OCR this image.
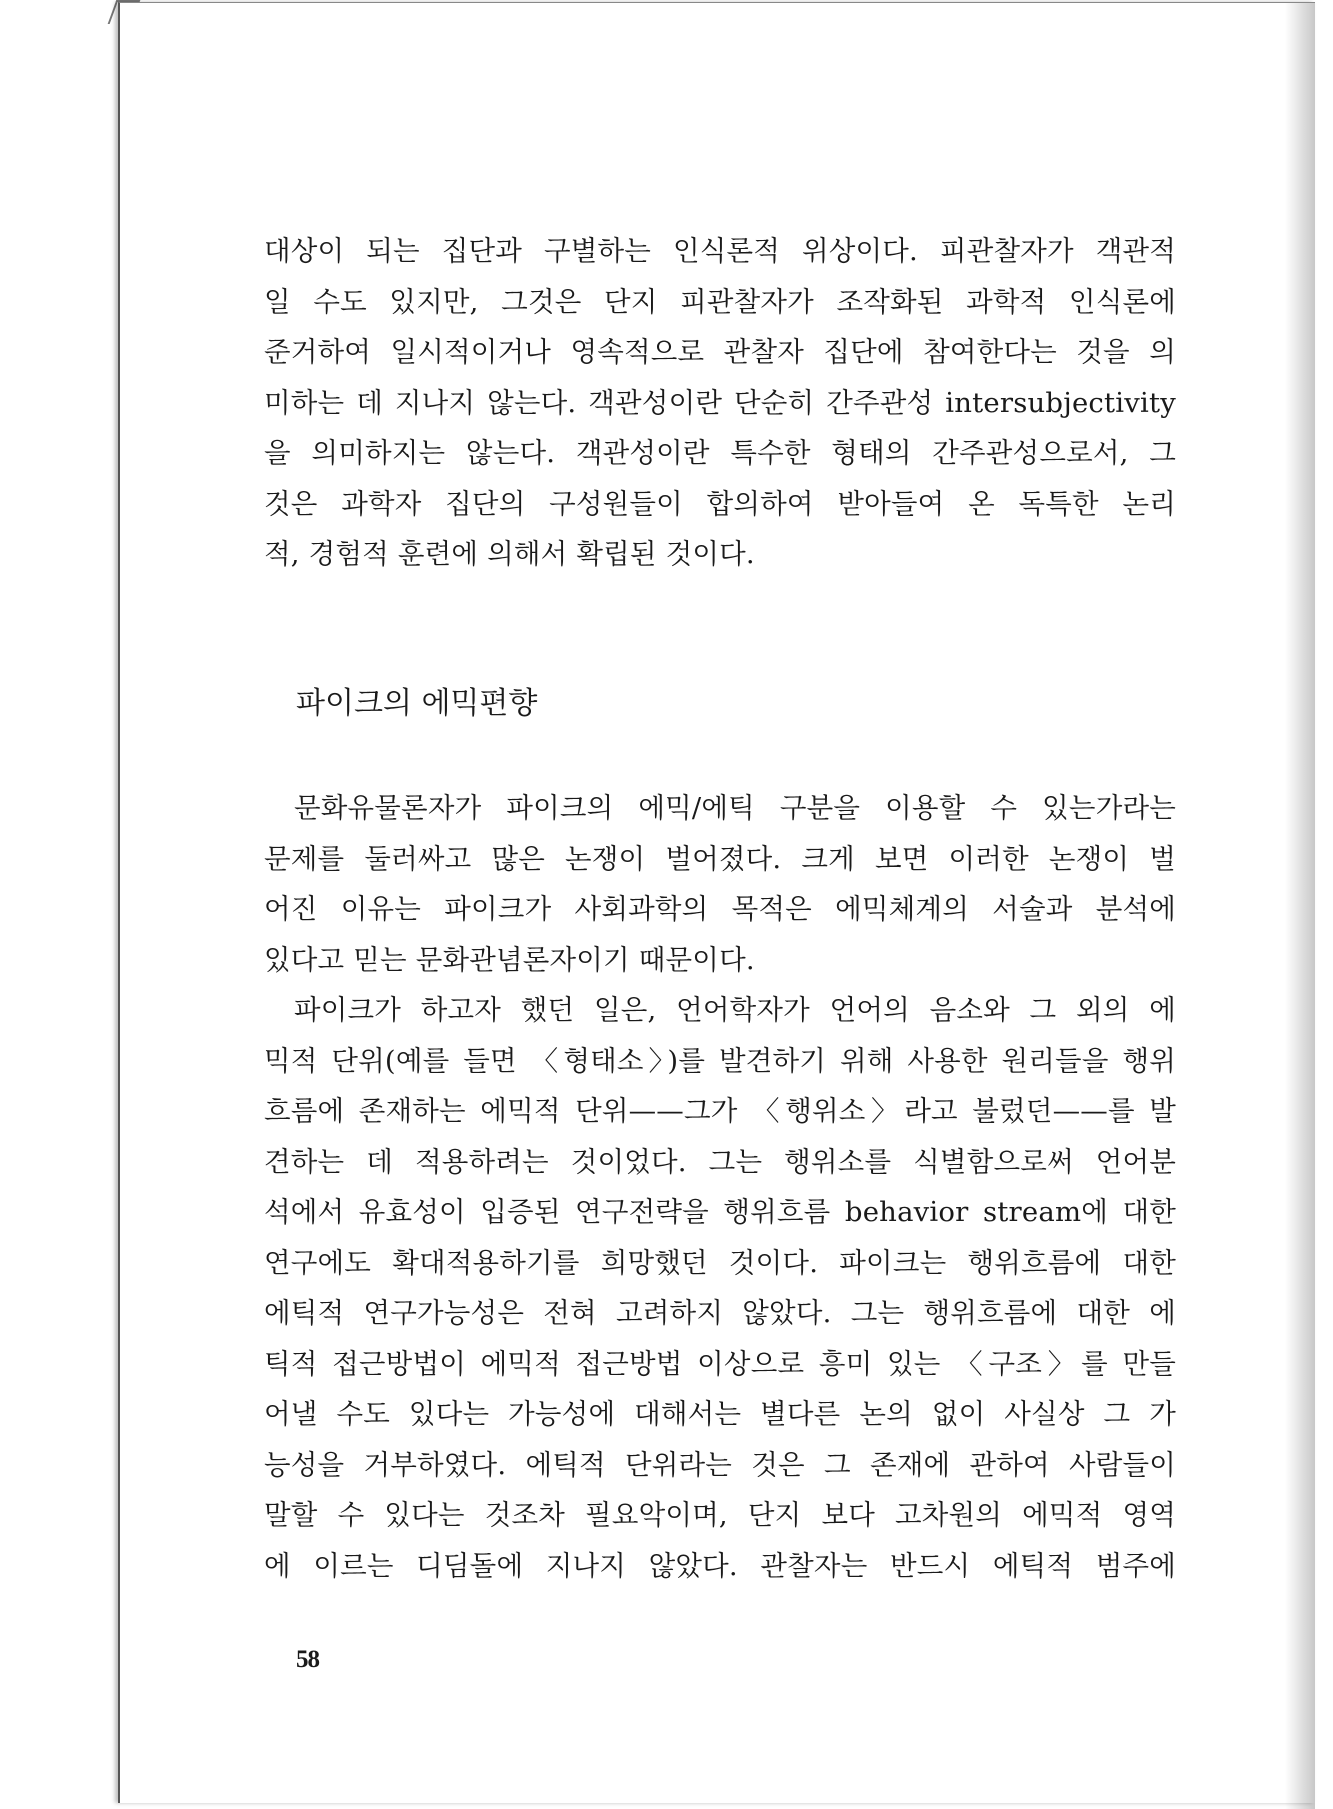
대상이 되는 집단과 구별하는 인식론적 위상이다. 피관찰자가 객관적
일 수도 있지만, 그것은 단지 피관찰자가 조작화된 과학적 인식론에
준거하여 일시적이거나 영속적으로 관찰자 집단에 참여한다는 것을 의
미하는 데 지나지 않는다. 객관성이란 단순히 간주관성 intersubjectivity
을 의미하지는 않는다. 객관성이란 특수한 형태의 간주관성으로서, 그
것은 과학자 집단의 구성원들이 합의하여 받아들여 온 독특한 논리
적, 경험적 훈련에 의해서 확립된 것이다.
파이크의 에믹편향
문화유물론자가 파이크의 에믹/에틱 구분을 이용할 수 있는가라는
문제를 둘러싸고 많은 논쟁이 벌어졌다. 크게 보면 이러한 논쟁이 벌
어진 이유는 파이크가 사회과학의 목적은 에믹체계의 서술과 분석에
있다고 믿는 문화관념론자이기 때문이다.
파이크가 하고자 했던 일은, 언어학자가 언어의 음소와 그 외의 에
믹적 단위(예를 들면 〈형태소〉)를 발견하기 위해 사용한 원리들을 행위
흐름에 존재하는 에믹적 단위——그가 〈행위소〉라고 불렀던——를 발
견하는 데 적용하려는 것이었다. 그는 행위소를 식별함으로써 언어분
석에서 유효성이 입증된 연구전략을 행위흐름 behavior stream에 대한
연구에도 확대적용하기를 희망했던 것이다. 파이크는 행위흐름에 대한
에틱적 연구가능성은 전혀 고려하지 않았다. 그는 행위흐름에 대한 에
틱적 접근방법이 에믹적 접근방법 이상으로 흥미 있는 〈구조〉를 만들
어낼 수도 있다는 가능성에 대해서는 별다른 논의 없이 사실상 그 가
능성을 거부하였다. 에틱적 단위라는 것은 그 존재에 관하여 사람들이
말할 수 있다는 것조차 필요악이며, 단지 보다 고차원의 에믹적 영역
에 이르는 디딤돌에 지나지 않았다. 관찰자는 반드시 에틱적 범주에
58
